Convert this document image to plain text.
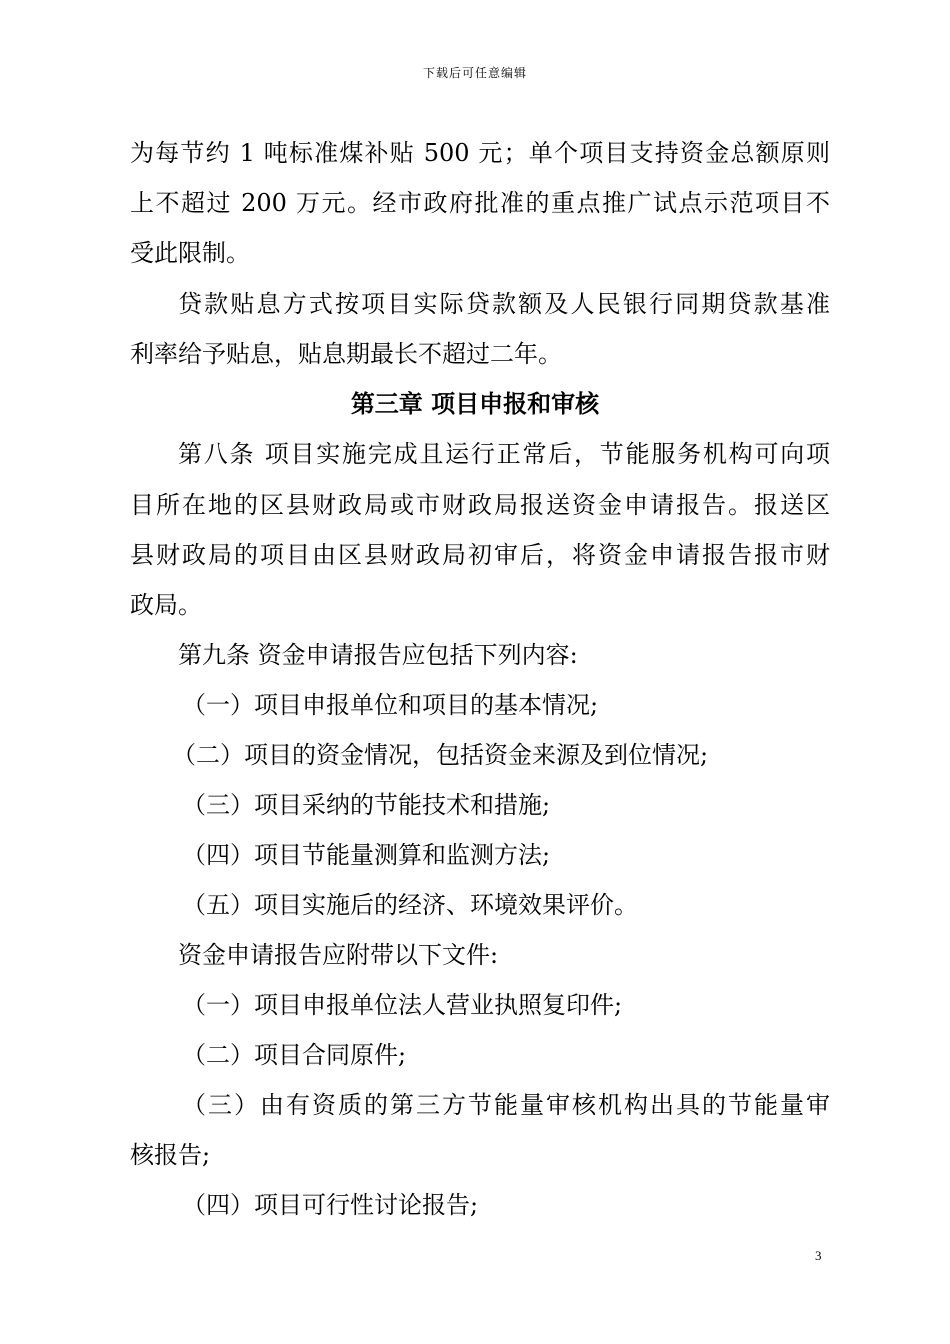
下载后可任意编辑
为每节约 1 吨标准煤补贴 500 元；单个项目支持资金总额原则
上不超过 200 万元。经市政府批准的重点推广试点示范项目不
受此限制。
贷款贴息方式按项目实际贷款额及人民银行同期贷款基准
利率给予贴息，贴息期最长不超过二年。
第三章 项目申报和审核
第八条 项目实施完成且运行正常后，节能服务机构可向项
目所在地的区县财政局或市财政局报送资金申请报告。报送区
县财政局的项目由区县财政局初审后，将资金申请报告报市财
政局。
第九条 资金申请报告应包括下列内容:
（一）项目申报单位和项目的基本情况;
（二）项目的资金情况，包括资金来源及到位情况;
（三）项目采纳的节能技术和措施;
（四）项目节能量测算和监测方法;
（五）项目实施后的经济、环境效果评价。
资金申请报告应附带以下文件:
（一）项目申报单位法人营业执照复印件;
（二）项目合同原件;
（三）由有资质的第三方节能量审核机构出具的节能量审
核报告;
（四）项目可行性讨论报告;
3
